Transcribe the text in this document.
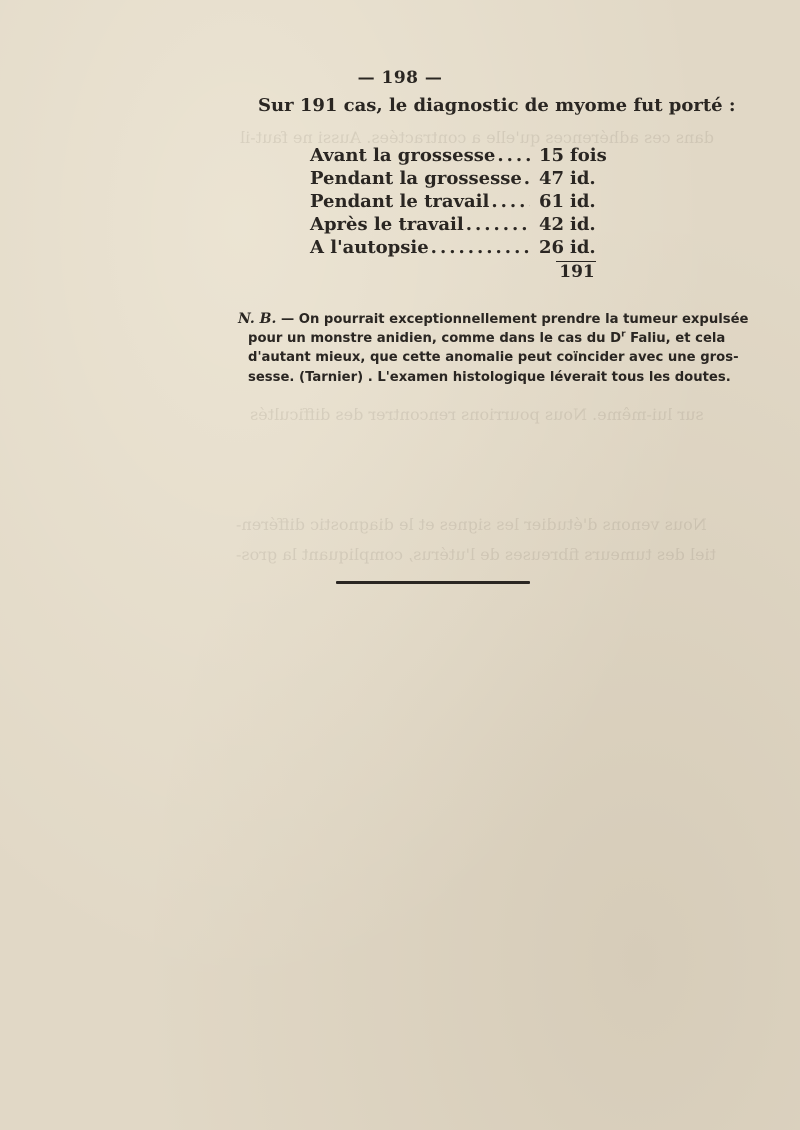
dans ces adhérences qu'elle a contractées. Aussi ne faut-il
sur lui-même. Nous pourrions rencontrer des difficultés
Nous venons d'étudier les signes et le diagnostic différen-
tiel des tumeurs fibreuses de l'utérus, compliquant la gros-
— 198 —
Sur 191 cas, le diagnostic de myome fut porté :
Avant la grossesse ..... 15 fois
Pendant la grossesse ..... 47 id.
Pendant le travail .....	61 id.
Après le travail .....	42 id.
A l'autopsie .....	26 id.
191
N. B. — On pourrait exceptionnellement prendre la tumeur expulsée
pour un monstre anidien, comme dans le cas du $D^r$ Faliu, et cela
d'autant mieux, que cette anomalie peut coïncider avec une gros-
sesse. (Tarnier) . L'examen histologique léverait tous les doutes.
